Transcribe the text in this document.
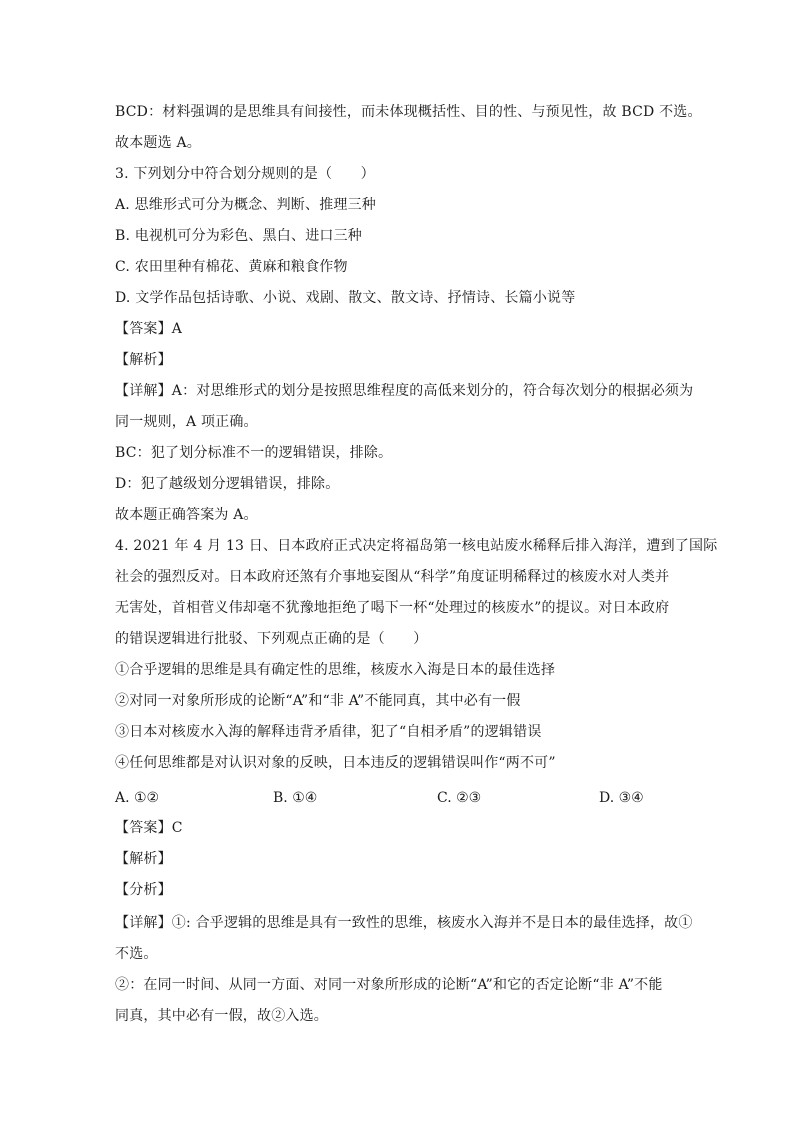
BCD：材料强调的是思维具有间接性，而未体现概括性、目的性、与预见性，故 BCD 不选。
故本题选 A。
3. 下列划分中符合划分规则的是（　　）
A. 思维形式可分为概念、判断、推理三种
B. 电视机可分为彩色、黑白、进口三种
C. 农田里种有棉花、黄麻和粮食作物
D. 文学作品包括诗歌、小说、戏剧、散文、散文诗、抒情诗、长篇小说等
【答案】A
【解析】
【详解】A：对思维形式的划分是按照思维程度的高低来划分的，符合每次划分的根据必须为
同一规则，A 项正确。
BC：犯了划分标准不一的逻辑错误，排除。
D：犯了越级划分逻辑错误，排除。
故本题正确答案为 A。
4. 2021 年 4 月 13 日、日本政府正式决定将福岛第一核电站废水稀释后排入海洋，遭到了国际
社会的强烈反对。日本政府还煞有介事地妄图从“科学”角度证明稀释过的核废水对人类并
无害处，首相菅义伟却毫不犹豫地拒绝了喝下一杯“处理过的核废水”的提议。对日本政府
的错误逻辑进行批驳、下列观点正确的是（　　）
①合乎逻辑的思维是具有确定性的思维，核废水入海是日本的最佳选择
②对同一对象所形成的论断“A”和“非 A”不能同真，其中必有一假
③日本对核废水入海的解释违背矛盾律，犯了“自相矛盾”的逻辑错误
④任何思维都是对认识对象的反映，日本违反的逻辑错误叫作“两不可”
A. ①②	B. ①④	C. ②③	D. ③④
【答案】C
【解析】
【分析】
【详解】①: 合乎逻辑的思维是具有一致性的思维，核废水入海并不是日本的最佳选择，故①
不选。
②：在同一时间、从同一方面、对同一对象所形成的论断“A”和它的否定论断“非 A”不能
同真，其中必有一假，故②入选。
